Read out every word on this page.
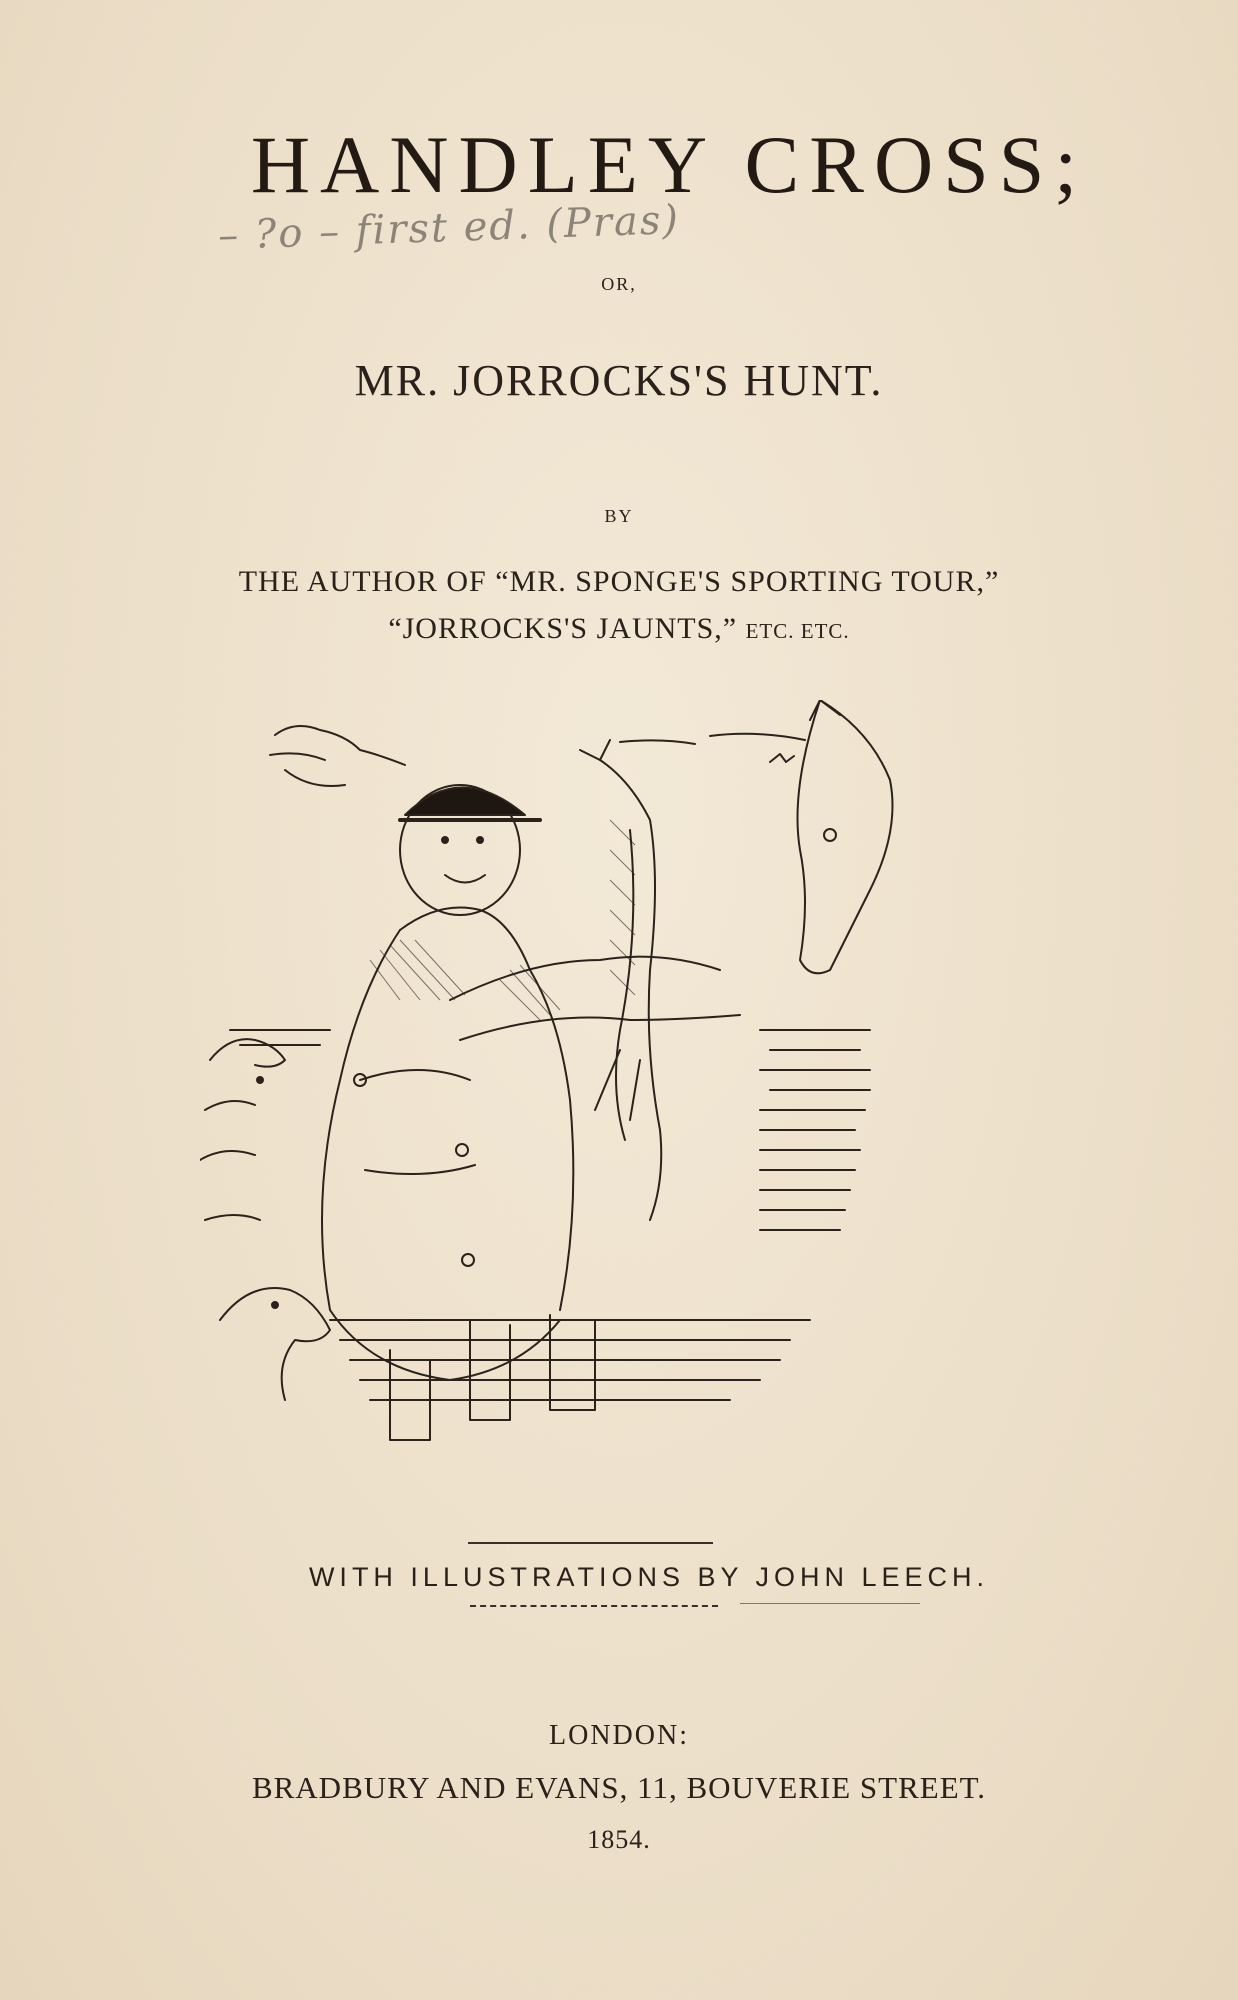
HANDLEY CROSS;
– ?o – first ed. (Pras)
OR,
MR. JORROCKS'S HUNT.
BY
THE AUTHOR OF “MR. SPONGE'S SPORTING TOUR,”
“JORROCKS'S JAUNTS,” ETC. ETC.
WITH ILLUSTRATIONS BY JOHN LEECH.
LONDON:
BRADBURY AND EVANS, 11, BOUVERIE STREET.
1854.
